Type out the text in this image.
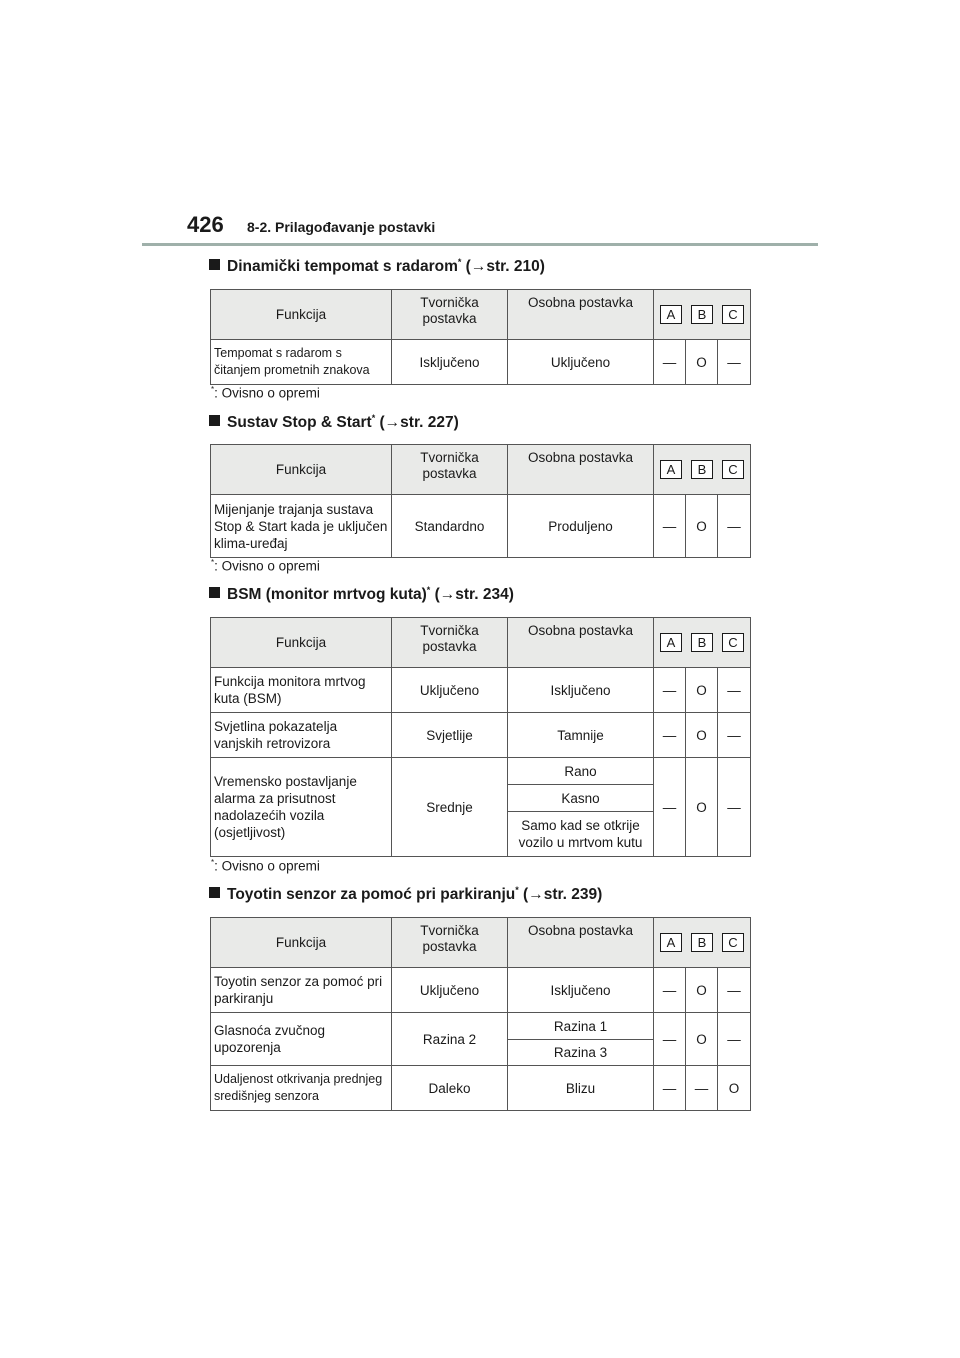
426 8-2. Prilagođavanje postavki
Dinamički tempomat s radarom* (→str. 210)
Funkcija	Tvornička postavka	Osobna postavka	A B C		

Tempomat s radarom s čitanjem prometnih znakova	Isključeno	Uključeno	—	O	—
*: Ovisno o opremi
Sustav Stop & Start* (→str. 227)
Funkcija	Tvornička postavka	Osobna postavka	A B C		

Mijenjanje trajanja sustava Stop & Start kada je uključen klima-uređaj	Standardno	Produljeno	—	O	—
*: Ovisno o opremi
BSM (monitor mrtvog kuta)* (→str. 234)
Funkcija	Tvornička postavka	Osobna postavka	A B C		

Funkcija monitora mrtvog kuta (BSM)	Uključeno	Isključeno	—	O	—
Svjetlina pokazatelja vanjskih retrovizora	Svjetlije	Tamnije	—	O	—
Vremensko postavljanje alarma za prisutnost nadolazećih vozila (osjetljivost)	Srednje	Rano	—	O	—
		Kasno			
		Samo kad se otkrije vozilo u mrtvom kutu			
*: Ovisno o opremi
Toyotin senzor za pomoć pri parkiranju* (→str. 239)
Funkcija	Tvornička postavka	Osobna postavka	A B C		

Toyotin senzor za pomoć pri parkiranju	Uključeno	Isključeno	—	O	—
Glasnoća zvučnog upozorenja	Razina 2	Razina 1	—	O	—
		Razina 3			
Udaljenost otkrivanja prednjeg središnjeg senzora	Daleko	Blizu	—	—	O
